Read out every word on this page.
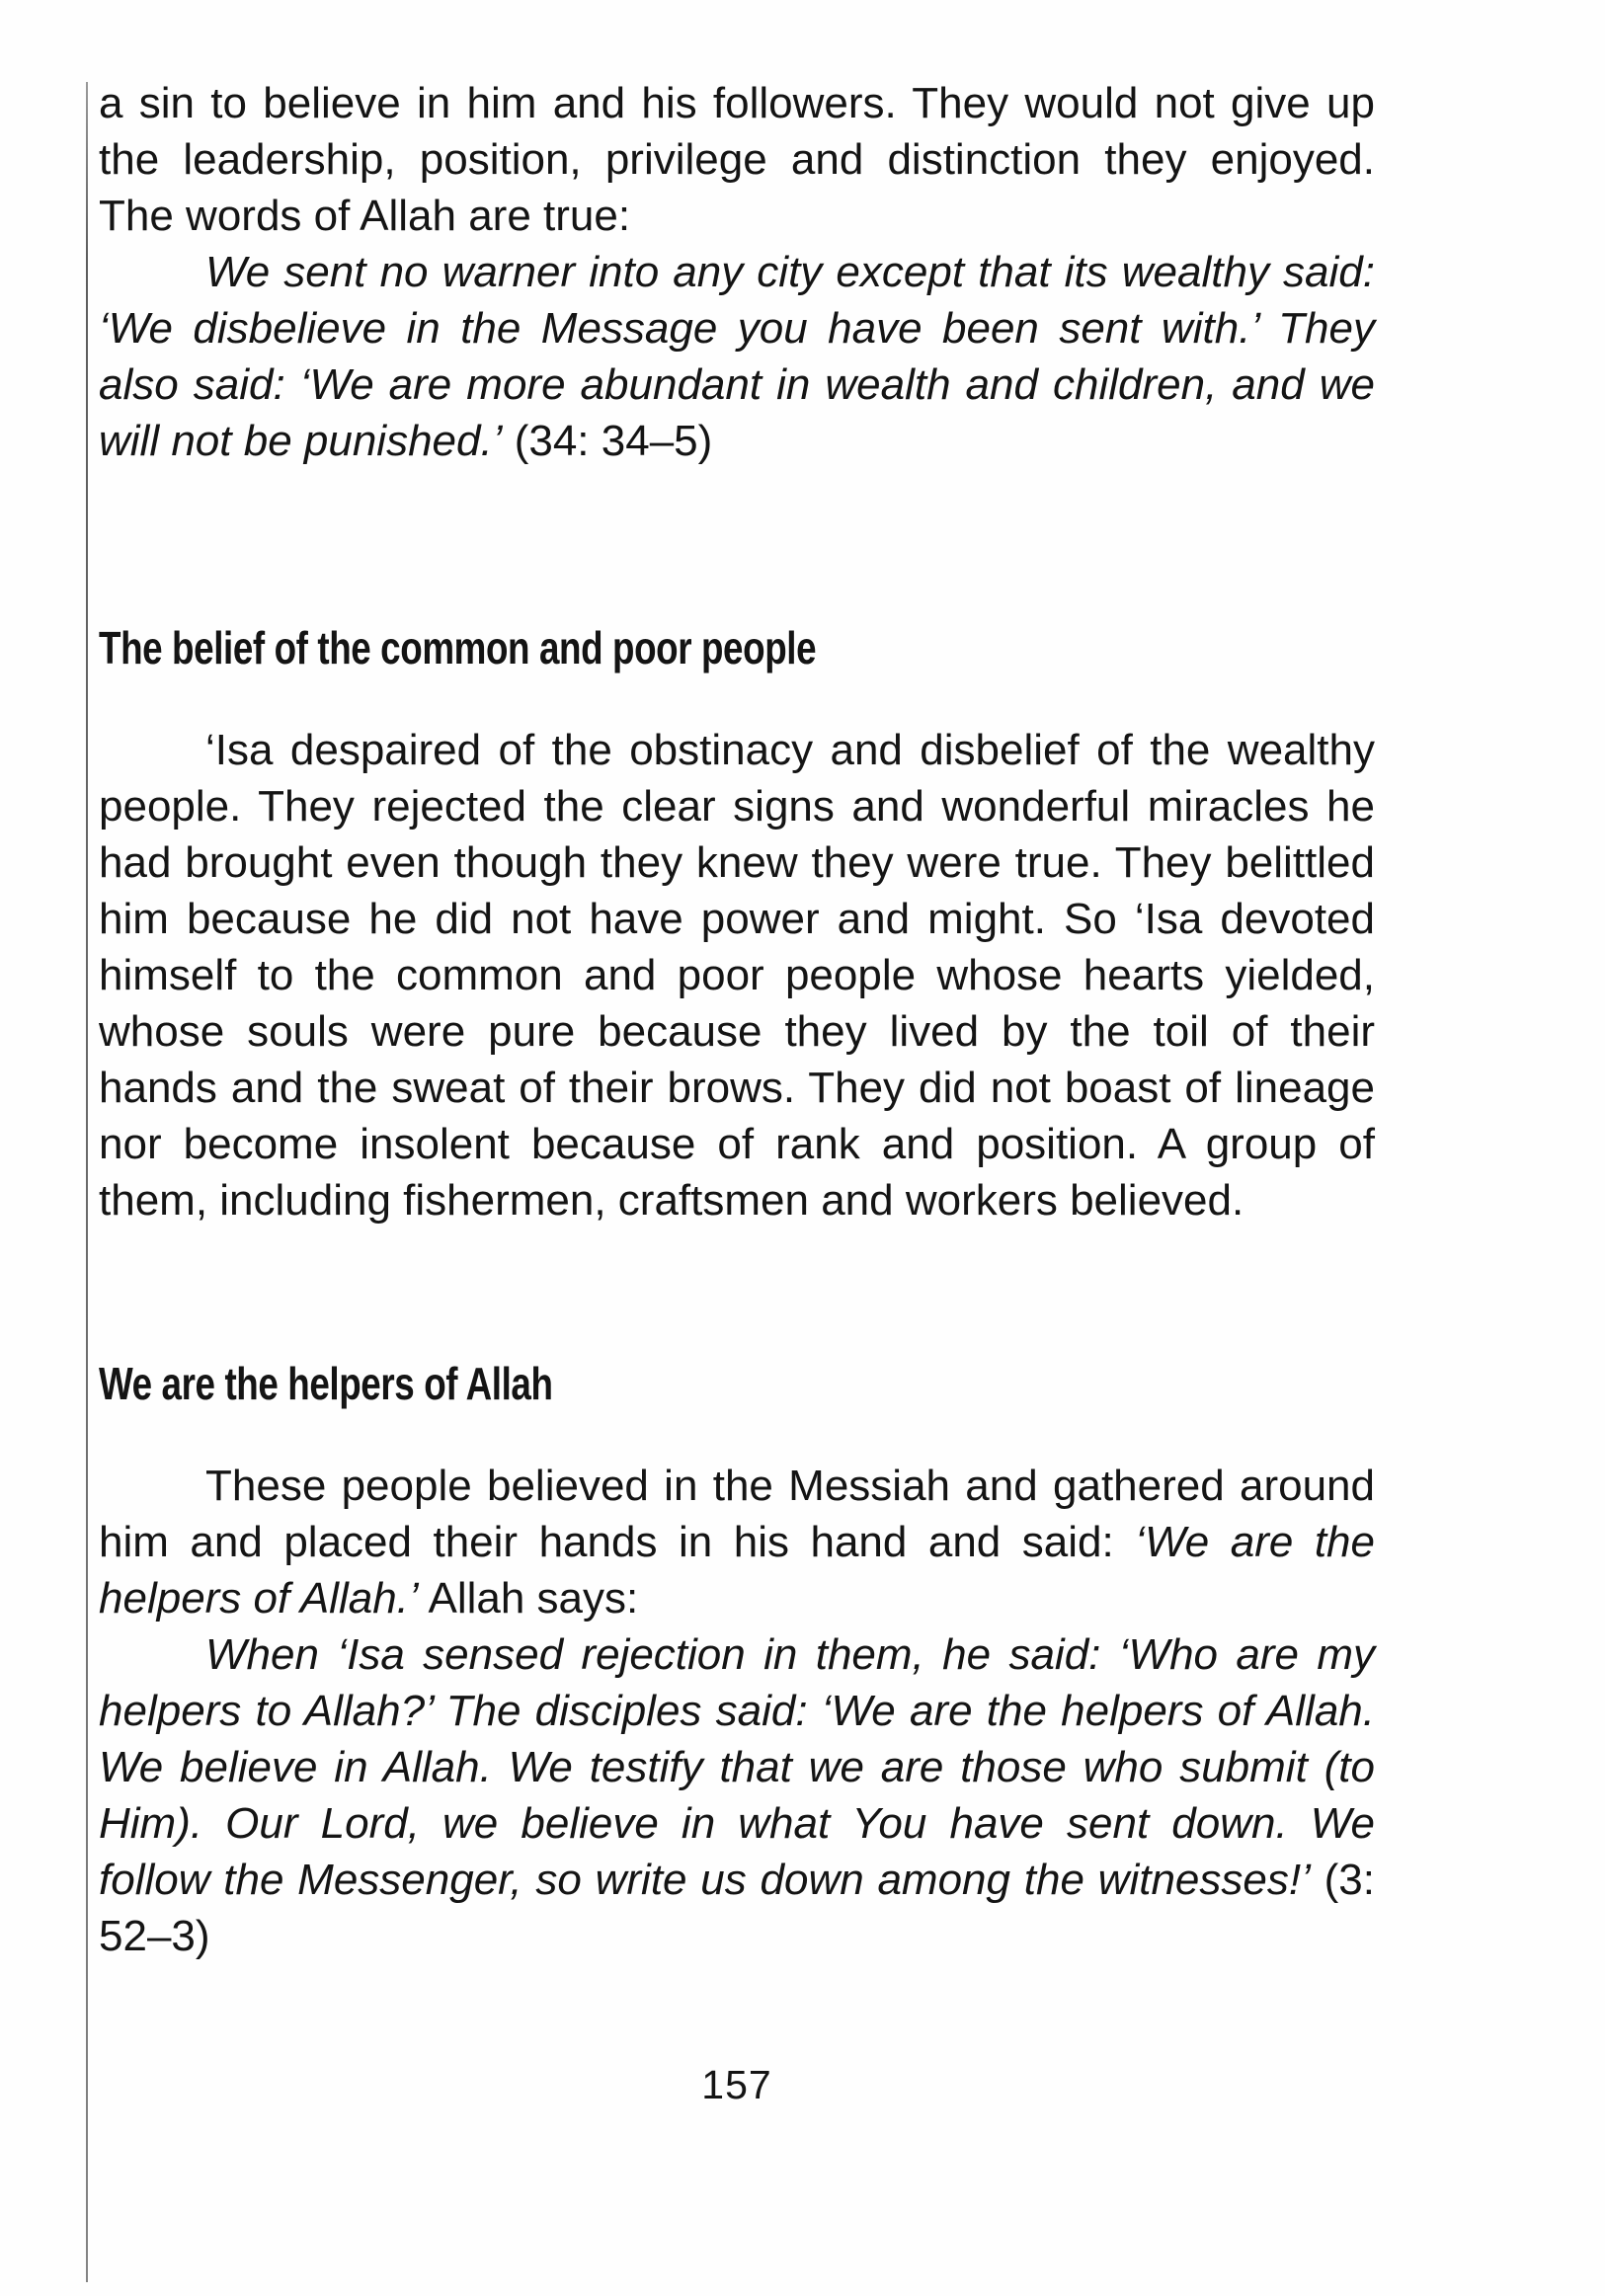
a sin to believe in him and his followers. They would not give up the leadership, position, privilege and distinction they enjoyed. The words of Allah are true:

We sent no warner into any city except that its wealthy said: ‘We disbelieve in the Message you have been sent with.’ They also said: ‘We are more abundant in wealth and children, and we will not be punished.’ (34: 34–5)

The belief of the common and poor people

‘Isa despaired of the obstinacy and disbelief of the wealthy people. They rejected the clear signs and wonderful miracles he had brought even though they knew they were true. They belittled him because he did not have power and might. So ‘Isa devoted himself to the common and poor people whose hearts yielded, whose souls were pure because they lived by the toil of their hands and the sweat of their brows. They did not boast of lineage nor become insolent because of rank and position. A group of them, including fishermen, craftsmen and workers believed.

We are the helpers of Allah

These people believed in the Messiah and gathered around him and placed their hands in his hand and said: ‘We are the helpers of Allah.’ Allah says:

When ‘Isa sensed rejection in them, he said: ‘Who are my helpers to Allah?’ The disciples said: ‘We are the helpers of Allah. We believe in Allah. We testify that we are those who submit (to Him). Our Lord, we believe in what You have sent down. We follow the Messenger, so write us down among the witnesses!’ (3: 52–3)

157
